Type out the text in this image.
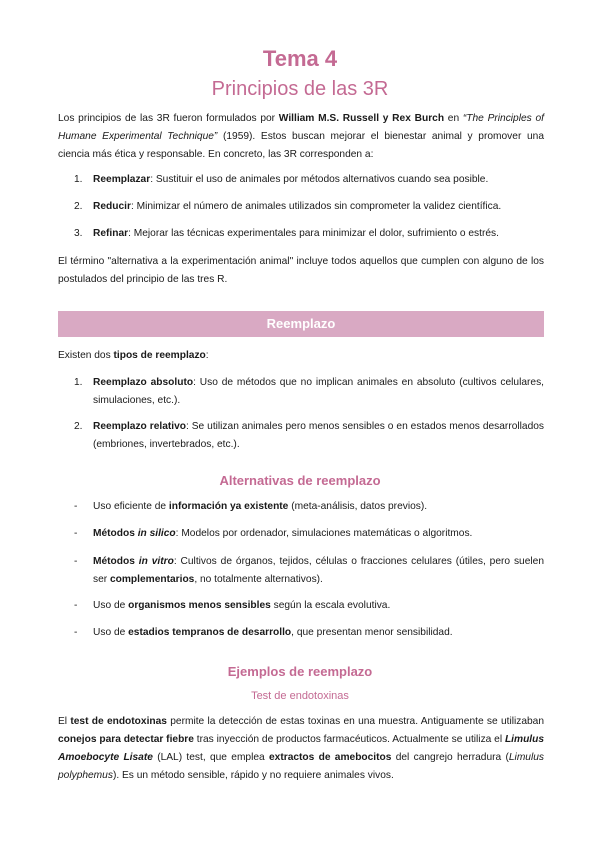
Tema 4
Principios de las 3R
Los principios de las 3R fueron formulados por William M.S. Russell y Rex Burch en “The Principles of Humane Experimental Technique” (1959). Estos buscan mejorar el bienestar animal y promover una ciencia más ética y responsable. En concreto, las 3R corresponden a:
1. Reemplazar: Sustituir el uso de animales por métodos alternativos cuando sea posible.
2. Reducir: Minimizar el número de animales utilizados sin comprometer la validez científica.
3. Refinar: Mejorar las técnicas experimentales para minimizar el dolor, sufrimiento o estrés.
El término "alternativa a la experimentación animal" incluye todos aquellos que cumplen con alguno de los postulados del principio de las tres R.
Reemplazo
Existen dos tipos de reemplazo:
1. Reemplazo absoluto: Uso de métodos que no implican animales en absoluto (cultivos celulares, simulaciones, etc.).
2. Reemplazo relativo: Se utilizan animales pero menos sensibles o en estados menos desarrollados (embriones, invertebrados, etc.).
Alternativas de reemplazo
- Uso eficiente de información ya existente (meta-análisis, datos previos).
- Métodos in silico: Modelos por ordenador, simulaciones matemáticas o algoritmos.
- Métodos in vitro: Cultivos de órganos, tejidos, células o fracciones celulares (útiles, pero suelen ser complementarios, no totalmente alternativos).
- Uso de organismos menos sensibles según la escala evolutiva.
- Uso de estadios tempranos de desarrollo, que presentan menor sensibilidad.
Ejemplos de reemplazo
Test de endotoxinas
El test de endotoxinas permite la detección de estas toxinas en una muestra. Antiguamente se utilizaban conejos para detectar fiebre tras inyección de productos farmacéuticos. Actualmente se utiliza el Limulus Amoebocyte Lisate (LAL) test, que emplea extractos de amebocitos del cangrejo herradura (Limulus polyphemus). Es un método sensible, rápido y no requiere animales vivos.
